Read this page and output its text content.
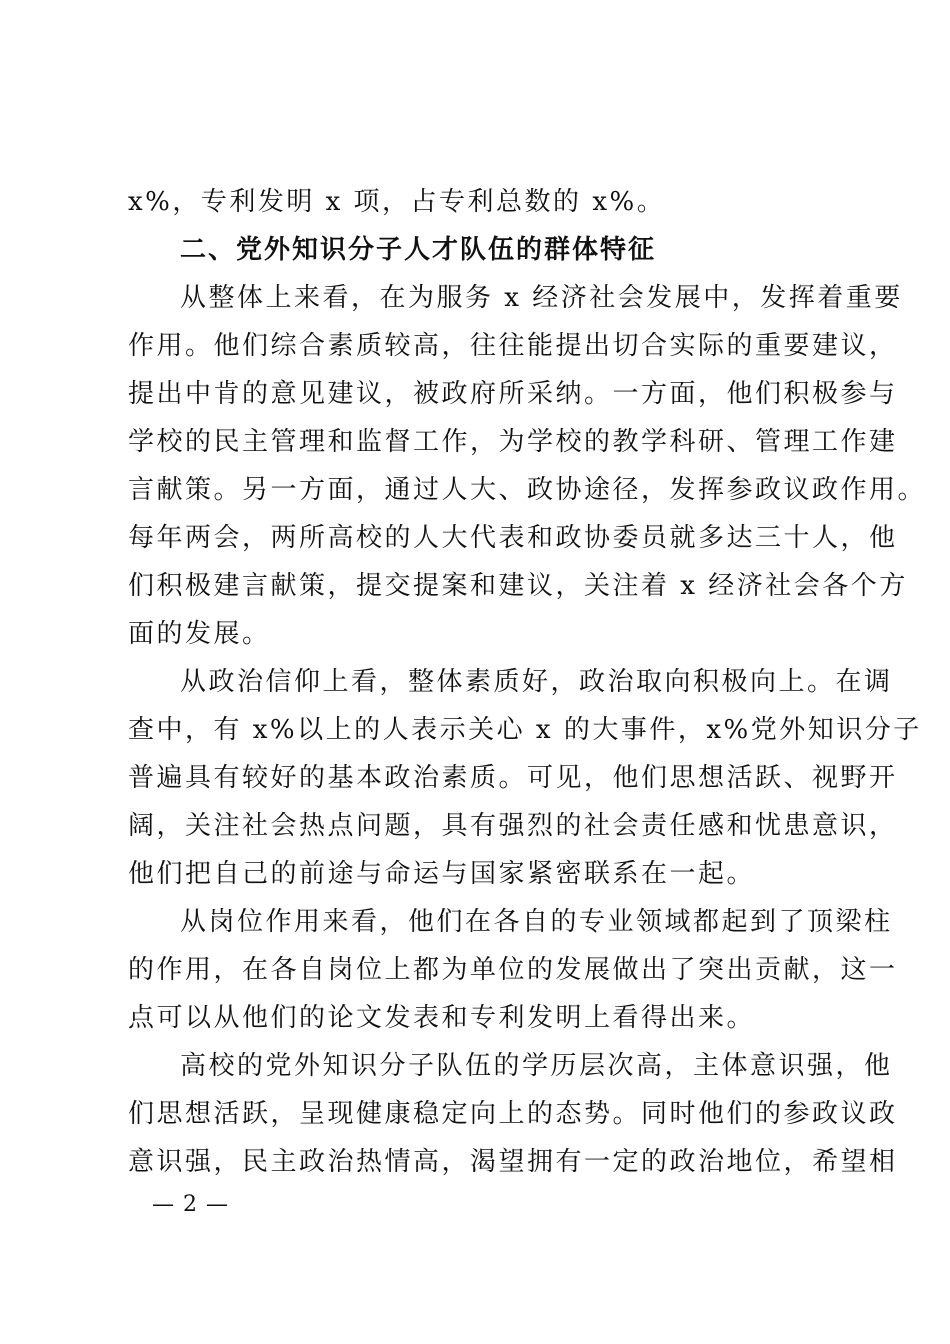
x%，专利发明 x 项，占专利总数的 x%。
二、党外知识分子人才队伍的群体特征
从整体上来看，在为服务 x 经济社会发展中，发挥着重要
作用。他们综合素质较高，往往能提出切合实际的重要建议，
提出中肯的意见建议，被政府所采纳。一方面，他们积极参与
学校的民主管理和监督工作，为学校的教学科研、管理工作建
言献策。另一方面，通过人大、政协途径，发挥参政议政作用。
每年两会，两所高校的人大代表和政协委员就多达三十人，他
们积极建言献策，提交提案和建议，关注着 x 经济社会各个方
面的发展。
从政治信仰上看，整体素质好，政治取向积极向上。在调
查中，有 x%以上的人表示关心 x 的大事件，x%党外知识分子
普遍具有较好的基本政治素质。可见，他们思想活跃、视野开
阔，关注社会热点问题，具有强烈的社会责任感和忧患意识，
他们把自己的前途与命运与国家紧密联系在一起。
从岗位作用来看，他们在各自的专业领域都起到了顶梁柱
的作用，在各自岗位上都为单位的发展做出了突出贡献，这一
点可以从他们的论文发表和专利发明上看得出来。
高校的党外知识分子队伍的学历层次高，主体意识强，他
们思想活跃，呈现健康稳定向上的态势。同时他们的参政议政
意识强，民主政治热情高，渴望拥有一定的政治地位，希望相
— 2 —
